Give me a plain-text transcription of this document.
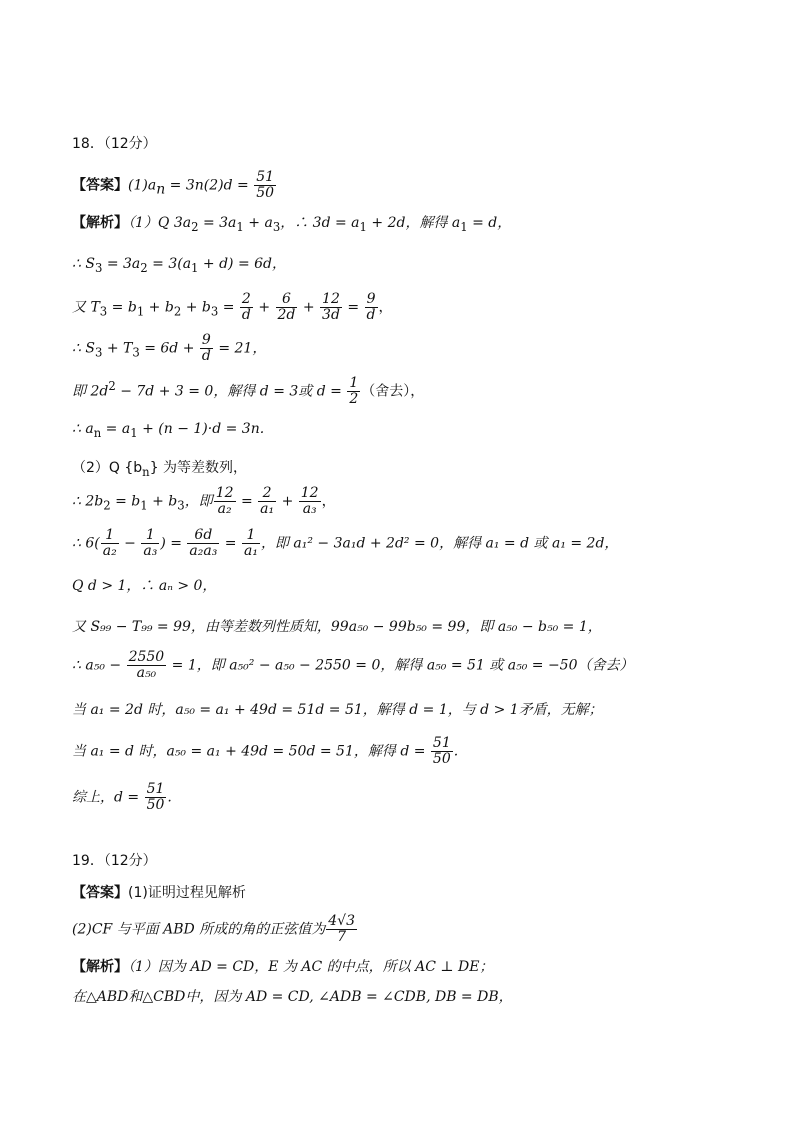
18．（12分）
【答案】$(1)a_n = 3n(2)d = \frac{51}{50}$
【解析】（1）Q $3a_2 = 3a_1 + a_3$，∴ $3d = a_1 + 2d$，解得 $a_1 = d$，
∴ $S_3 = 3a_2 = 3(a_1 + d) = 6d$，
又 $T_3 = b_1 + b_2 + b_3 = \frac{2}{d} + \frac{6}{2d} + \frac{12}{3d} = \frac{9}{d}$ ，
∴ $S_3 + T_3 = 6d + \frac{9}{d} = 21$，
即 $2d^2 - 7d + 3 = 0$，解得 d = 3或 $d = \frac{1}{2}$ （舍去），
∴ $a_n = a_1 + (n - 1)\cdot d = 3n$.
（2）Q $\{b_n\}$ 为等差数列，
∴ $2b_2 = b_1 + b_3$，即 $\frac{12}{\text{a₂}} = \frac{2}{\text{a₁}} + \frac{12}{\text{a₃}}$ ，
∴ $6( \frac{1}{\text{a₂}} - \frac{1}{\text{a₃}}$ ) = $\frac{6d}{\text{a₂a₃}} = \frac{1}{\text{a₁}}$ ，即 a₁² − 3a₁d + 2d² = 0，解得 a₁ = d 或 a₁ = 2d，
Q d > 1，∴ aₙ > 0，
又 S₉₉ − T₉₉ = 99，由等差数列性质知，99a₅₀ − 99b₅₀ = 99，即 a₅₀ − b₅₀ = 1，
∴ $a_{50} - \frac{2550}{\text{a₅₀}} = 1$，即 a₅₀² − a₅₀ − 2550 = 0，解得 a₅₀ = 51 或 a₅₀ = −50（舍去）
当 a₁ = 2d 时，a₅₀ = a₁ + 49d = 51d = 51，解得 d = 1，与 d > 1矛盾，无解；
当 a₁ = d 时，a₅₀ = a₁ + 49d = 50d = 51，解得 $d = \frac{51}{50}$ .
综上，$d = \frac{51}{50}$ .
19．（12分）
【答案】(1)证明过程见解析
(2)CF 与平面 ABD 所成的角的正弦值为 $\frac{4√3}{7}$
【解析】（1）因为 AD = CD，E 为 AC 的中点，所以 AC ⊥ DE；
在△ABD和△CBD中，因为 AD = CD, ∠ADB = ∠CDB, DB = DB，
